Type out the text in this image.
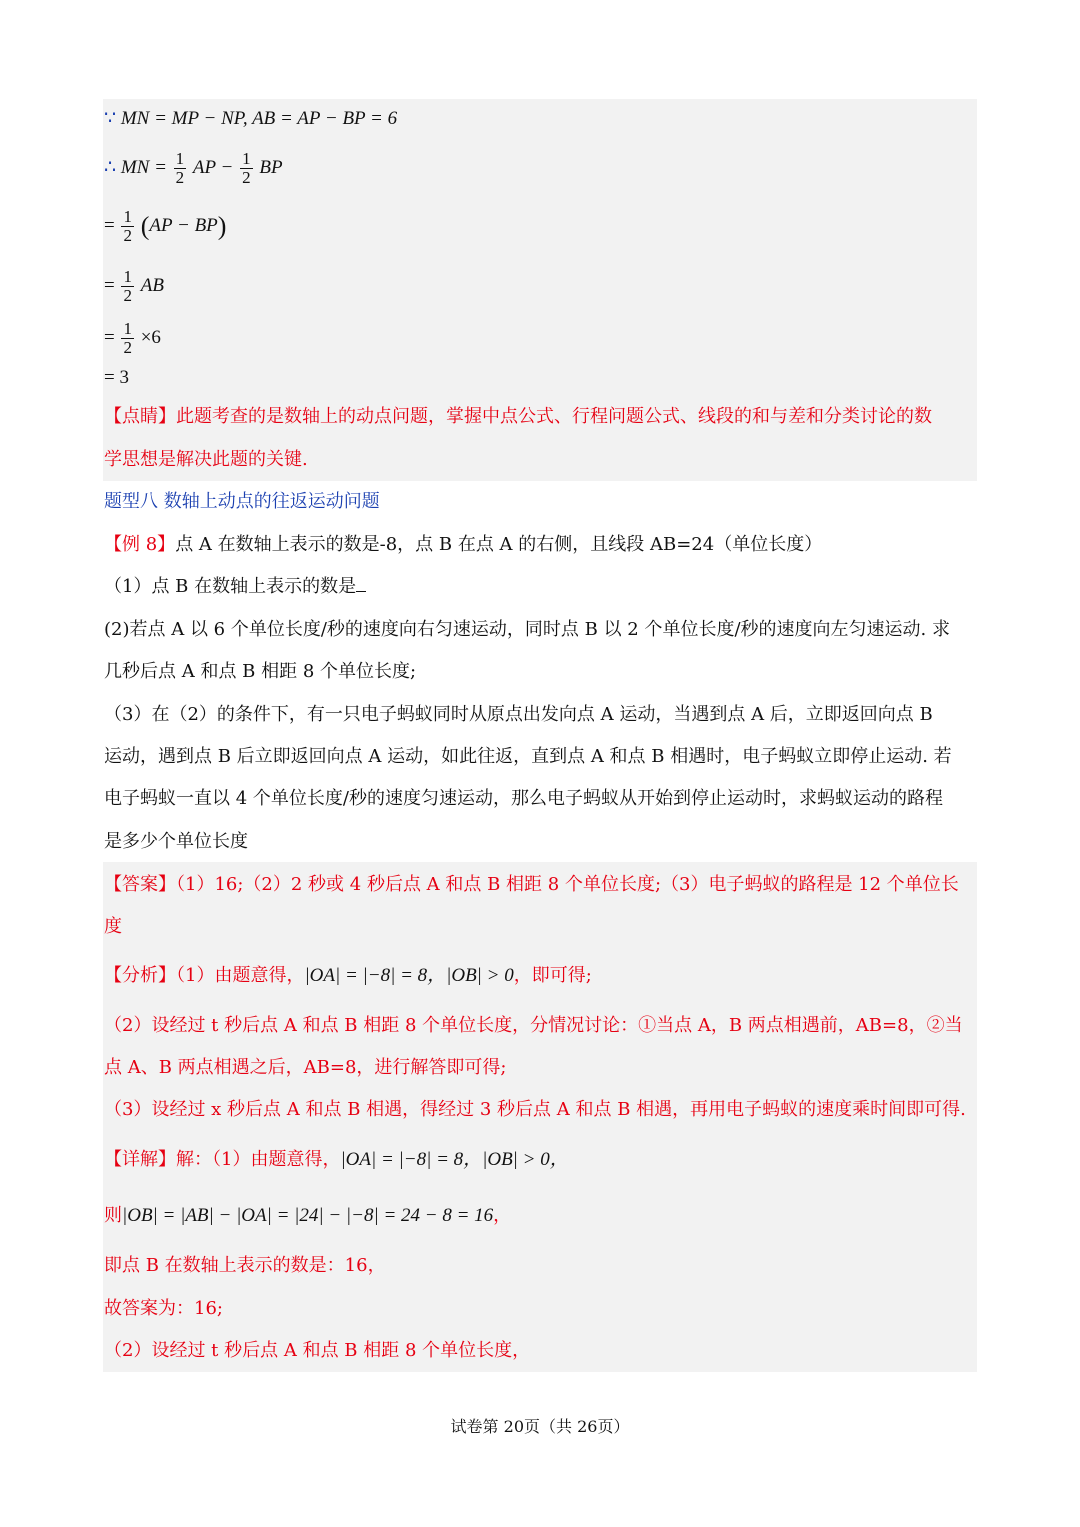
∵ MN = MP − NP, AB = AP − BP = 6
∴ MN = $\frac{1}{2}$ AP − $\frac{1}{2}$ BP
= $\frac{1}{2} (AP - BP)$
= $\frac{1}{2}$ AB
= $\frac{1}{2} \times 6$
= 3
【点睛】此题考查的是数轴上的动点问题，掌握中点公式、行程问题公式、线段的和与差和分类讨论的数
学思想是解决此题的关键.
题型八 数轴上动点的往返运动问题
【例 8】点 A 在数轴上表示的数是-8，点 B 在点 A 的右侧，且线段 AB=24（单位长度）
（1）点 B 在数轴上表示的数是
(2)若点 A 以 6 个单位长度/秒的速度向右匀速运动，同时点 B 以 2 个单位长度/秒的速度向左匀速运动. 求
几秒后点 A 和点 B 相距 8 个单位长度;
（3）在（2）的条件下，有一只电子蚂蚁同时从原点出发向点 A 运动，当遇到点 A 后，立即返回向点 B
运动，遇到点 B 后立即返回向点 A 运动，如此往返，直到点 A 和点 B 相遇时，电子蚂蚁立即停止运动. 若
电子蚂蚁一直以 4 个单位长度/秒的速度匀速运动，那么电子蚂蚁从开始到停止运动时，求蚂蚁运动的路程
是多少个单位长度
【答案】（1）16;（2）2 秒或 4 秒后点 A 和点 B 相距 8 个单位长度;（3）电子蚂蚁的路程是 12 个单位长
度
【分析】（1）由题意得，|OA| = |−8| = 8，|OB| > 0，即可得;
（2）设经过 t 秒后点 A 和点 B 相距 8 个单位长度，分情况讨论：①当点 A，B 两点相遇前，AB=8，②当
点 A、B 两点相遇之后，AB=8，进行解答即可得;
（3）设经过 x 秒后点 A 和点 B 相遇，得经过 3 秒后点 A 和点 B 相遇，再用电子蚂蚁的速度乘时间即可得.
【详解】解：（1）由题意得，|OA| = |−8| = 8，|OB| > 0，
则|OB| = |AB| − |OA| = |24| − |−8| = 24 − 8 = 16，
即点 B 在数轴上表示的数是：16，
故答案为：16;
（2）设经过 t 秒后点 A 和点 B 相距 8 个单位长度，
试卷第 20页（共 26页）
